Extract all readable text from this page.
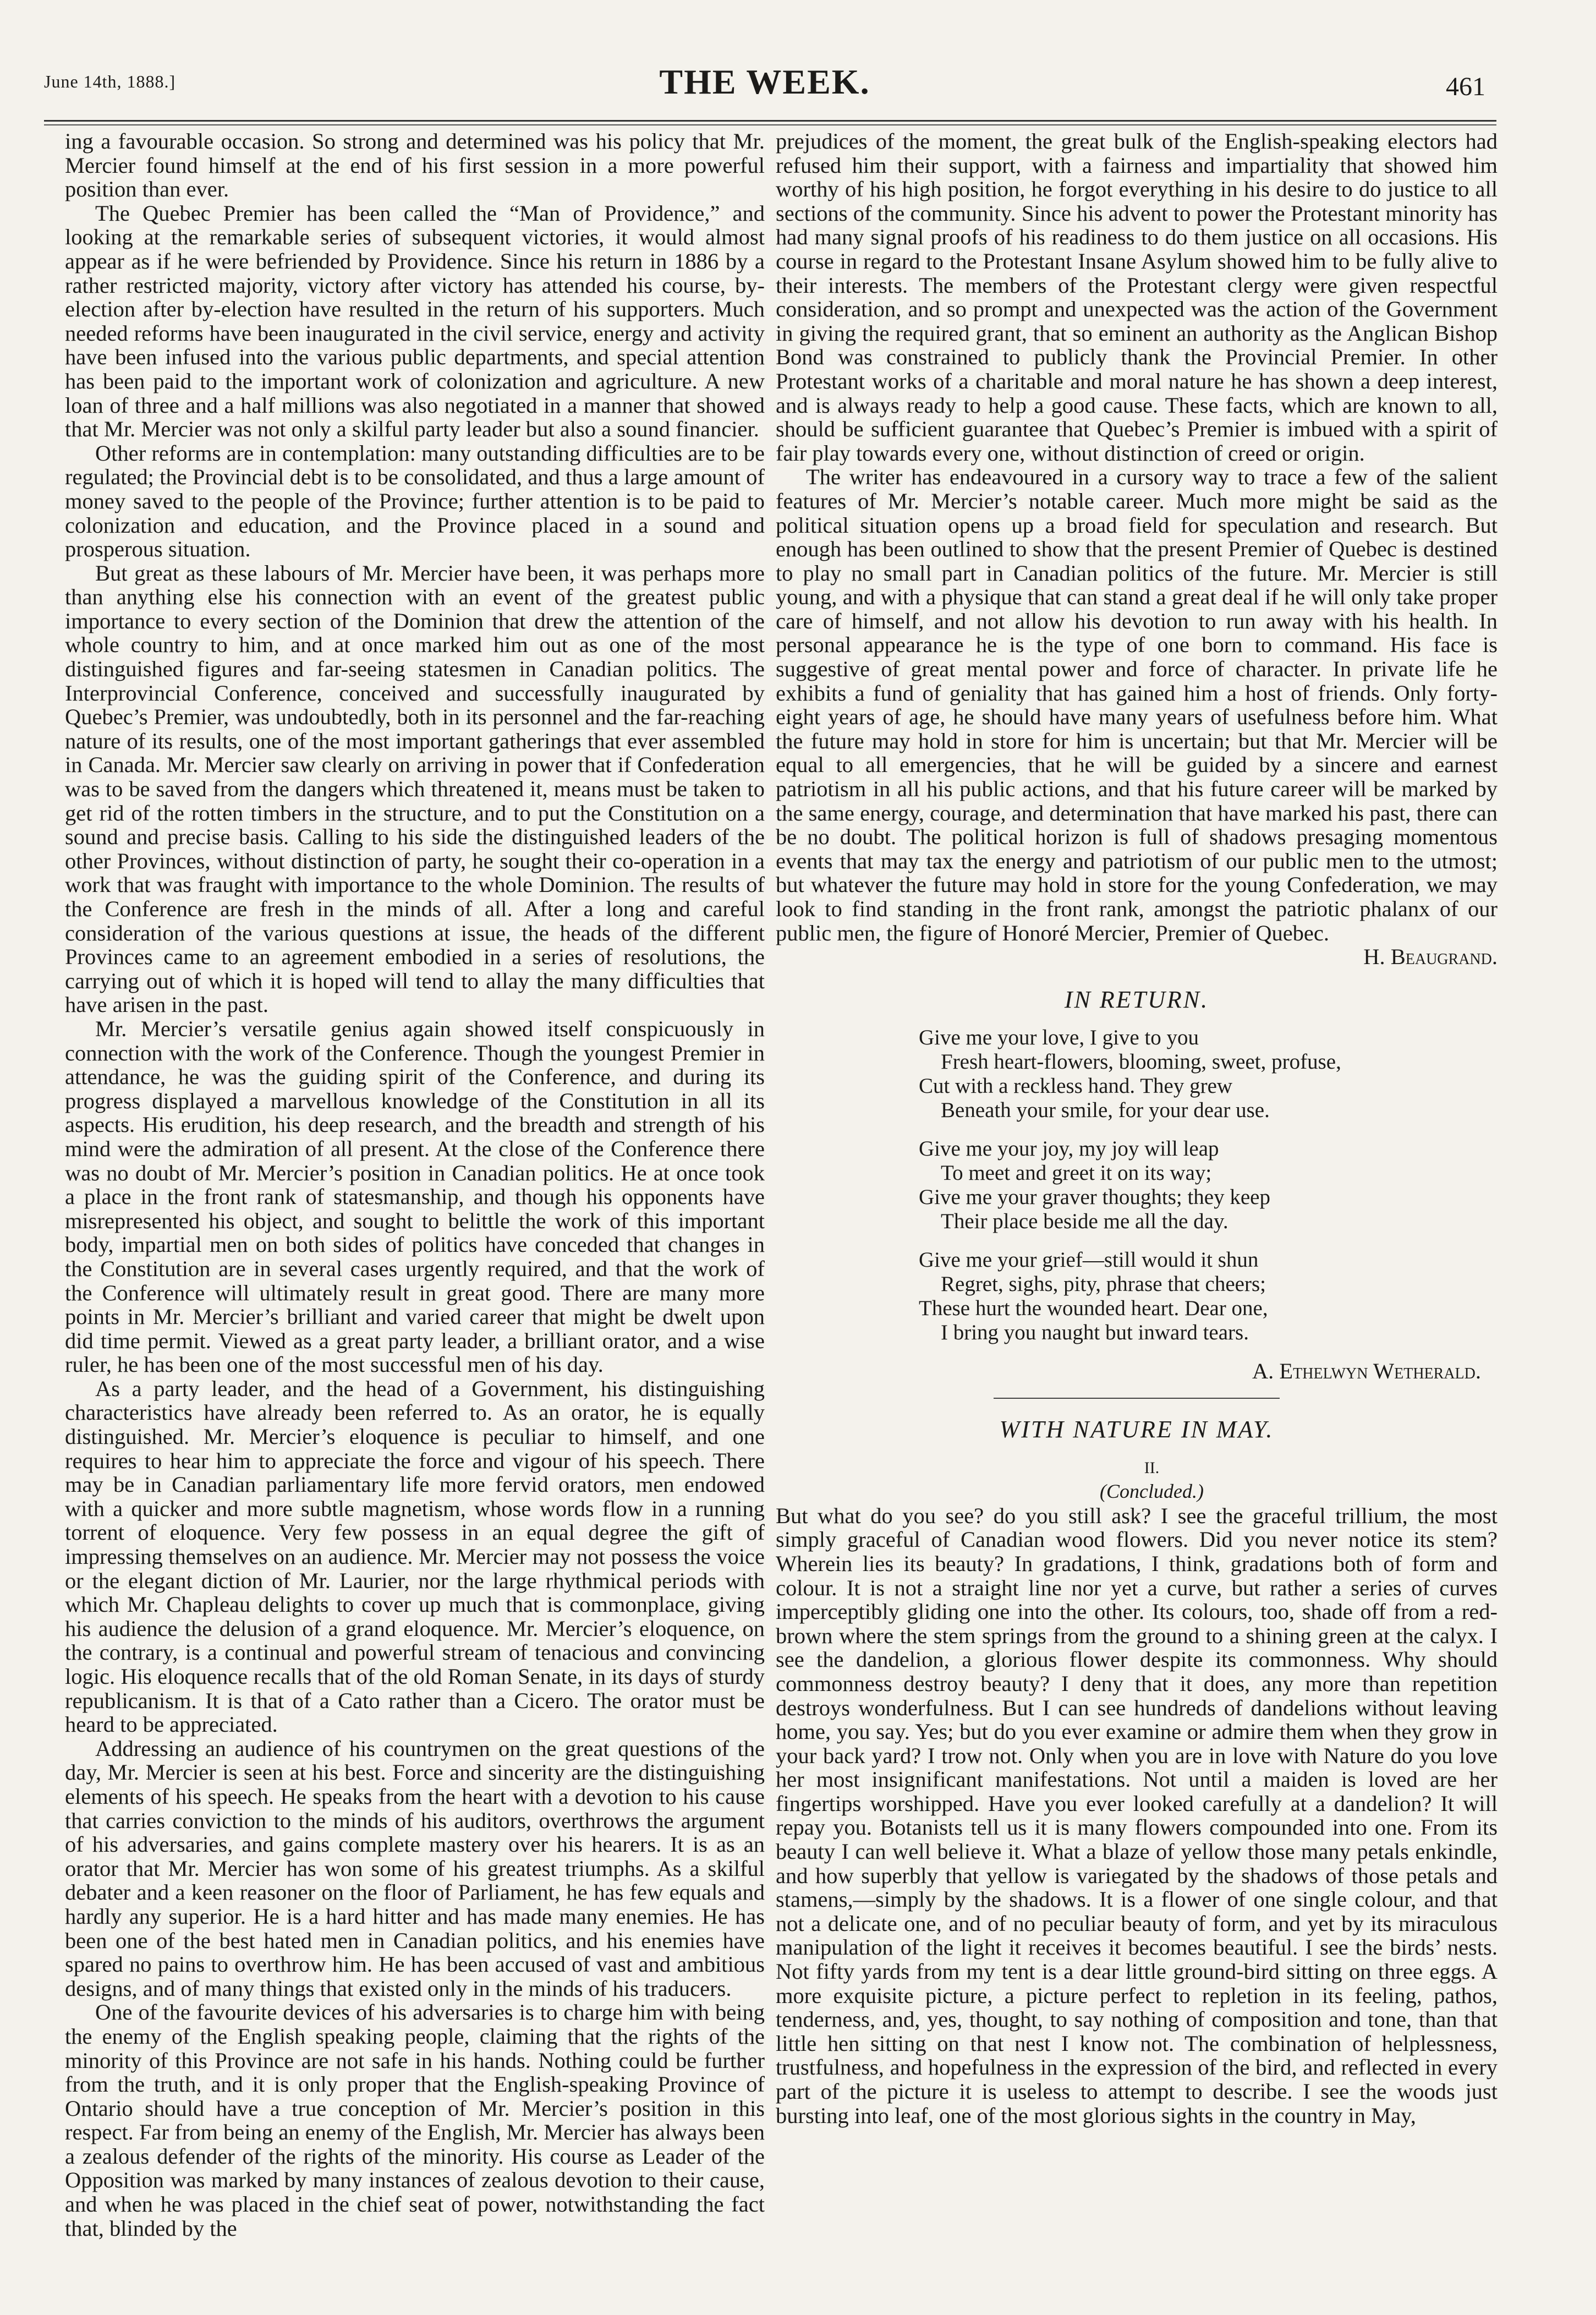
June 14th, 1888.]	THE WEEK.	461

ing a favourable occasion. So strong and determined was his policy that Mr. Mercier found himself at the end of his first session in a more powerful position than ever.

The Quebec Premier has been called the “Man of Providence,” and looking at the remarkable series of subsequent victories, it would almost appear as if he were befriended by Providence. Since his return in 1886 by a rather restricted majority, victory after victory has attended his course, by-election after by-election have resulted in the return of his supporters. Much needed reforms have been inaugurated in the civil service, energy and activity have been infused into the various public departments, and special attention has been paid to the important work of colonization and agriculture. A new loan of three and a half millions was also negotiated in a manner that showed that Mr. Mercier was not only a skilful party leader but also a sound financier.

Other reforms are in contemplation: many outstanding difficulties are to be regulated; the Provincial debt is to be consolidated, and thus a large amount of money saved to the people of the Province; further attention is to be paid to colonization and education, and the Province placed in a sound and prosperous situation.

But great as these labours of Mr. Mercier have been, it was perhaps more than anything else his connection with an event of the greatest public importance to every section of the Dominion that drew the attention of the whole country to him, and at once marked him out as one of the most distinguished figures and far-seeing statesmen in Canadian politics. The Interprovincial Conference, conceived and successfully inaugurated by Quebec’s Premier, was undoubtedly, both in its personnel and the far-reaching nature of its results, one of the most important gatherings that ever assembled in Canada. Mr. Mercier saw clearly on arriving in power that if Confederation was to be saved from the dangers which threatened it, means must be taken to get rid of the rotten timbers in the structure, and to put the Constitution on a sound and precise basis. Calling to his side the distinguished leaders of the other Provinces, without distinction of party, he sought their co-operation in a work that was fraught with importance to the whole Dominion. The results of the Conference are fresh in the minds of all. After a long and careful consideration of the various questions at issue, the heads of the different Provinces came to an agreement embodied in a series of resolutions, the carrying out of which it is hoped will tend to allay the many difficulties that have arisen in the past.

Mr. Mercier’s versatile genius again showed itself conspicuously in connection with the work of the Conference. Though the youngest Premier in attendance, he was the guiding spirit of the Conference, and during its progress displayed a marvellous knowledge of the Constitution in all its aspects. His erudition, his deep research, and the breadth and strength of his mind were the admiration of all present. At the close of the Conference there was no doubt of Mr. Mercier’s position in Canadian politics. He at once took a place in the front rank of statesmanship, and though his opponents have misrepresented his object, and sought to belittle the work of this important body, impartial men on both sides of politics have conceded that changes in the Constitution are in several cases urgently required, and that the work of the Conference will ultimately result in great good. There are many more points in Mr. Mercier’s brilliant and varied career that might be dwelt upon did time permit. Viewed as a great party leader, a brilliant orator, and a wise ruler, he has been one of the most successful men of his day.

As a party leader, and the head of a Government, his distinguishing characteristics have already been referred to. As an orator, he is equally distinguished. Mr. Mercier’s eloquence is peculiar to himself, and one requires to hear him to appreciate the force and vigour of his speech. There may be in Canadian parliamentary life more fervid orators, men endowed with a quicker and more subtle magnetism, whose words flow in a running torrent of eloquence. Very few possess in an equal degree the gift of impressing themselves on an audience. Mr. Mercier may not possess the voice or the elegant diction of Mr. Laurier, nor the large rhythmical periods with which Mr. Chapleau delights to cover up much that is commonplace, giving his audience the delusion of a grand eloquence. Mr. Mercier’s eloquence, on the contrary, is a continual and powerful stream of tenacious and convincing logic. His eloquence recalls that of the old Roman Senate, in its days of sturdy republicanism. It is that of a Cato rather than a Cicero. The orator must be heard to be appreciated.

Addressing an audience of his countrymen on the great questions of the day, Mr. Mercier is seen at his best. Force and sincerity are the distinguishing elements of his speech. He speaks from the heart with a devotion to his cause that carries conviction to the minds of his auditors, overthrows the argument of his adversaries, and gains complete mastery over his hearers. It is as an orator that Mr. Mercier has won some of his greatest triumphs. As a skilful debater and a keen reasoner on the floor of Parliament, he has few equals and hardly any superior. He is a hard hitter and has made many enemies. He has been one of the best hated men in Canadian politics, and his enemies have spared no pains to overthrow him. He has been accused of vast and ambitious designs, and of many things that existed only in the minds of his traducers.

One of the favourite devices of his adversaries is to charge him with being the enemy of the English speaking people, claiming that the rights of the minority of this Province are not safe in his hands. Nothing could be further from the truth, and it is only proper that the English-speaking Province of Ontario should have a true conception of Mr. Mercier’s position in this respect. Far from being an enemy of the English, Mr. Mercier has always been a zealous defender of the rights of the minority. His course as Leader of the Opposition was marked by many instances of zealous devotion to their cause, and when he was placed in the chief seat of power, notwithstanding the fact that, blinded by the

prejudices of the moment, the great bulk of the English-speaking electors had refused him their support, with a fairness and impartiality that showed him worthy of his high position, he forgot everything in his desire to do justice to all sections of the community. Since his advent to power the Protestant minority has had many signal proofs of his readiness to do them justice on all occasions. His course in regard to the Protestant Insane Asylum showed him to be fully alive to their interests. The members of the Protestant clergy were given respectful consideration, and so prompt and unexpected was the action of the Government in giving the required grant, that so eminent an authority as the Anglican Bishop Bond was constrained to publicly thank the Provincial Premier. In other Protestant works of a charitable and moral nature he has shown a deep interest, and is always ready to help a good cause. These facts, which are known to all, should be sufficient guarantee that Quebec’s Premier is imbued with a spirit of fair play towards every one, without distinction of creed or origin.

The writer has endeavoured in a cursory way to trace a few of the salient features of Mr. Mercier’s notable career. Much more might be said as the political situation opens up a broad field for speculation and research. But enough has been outlined to show that the present Premier of Quebec is destined to play no small part in Canadian politics of the future. Mr. Mercier is still young, and with a physique that can stand a great deal if he will only take proper care of himself, and not allow his devotion to run away with his health. In personal appearance he is the type of one born to command. His face is suggestive of great mental power and force of character. In private life he exhibits a fund of geniality that has gained him a host of friends. Only forty-eight years of age, he should have many years of usefulness before him. What the future may hold in store for him is uncertain; but that Mr. Mercier will be equal to all emergencies, that he will be guided by a sincere and earnest patriotism in all his public actions, and that his future career will be marked by the same energy, courage, and determination that have marked his past, there can be no doubt. The political horizon is full of shadows presaging momentous events that may tax the energy and patriotism of our public men to the utmost; but whatever the future may hold in store for the young Confederation, we may look to find standing in the front rank, amongst the patriotic phalanx of our public men, the figure of Honoré Mercier, Premier of Quebec.

H. Beaugrand.

IN RETURN.
Give me your love, I give to you
Fresh heart-flowers, blooming, sweet, profuse,
Cut with a reckless hand. They grew
Beneath your smile, for your dear use.
Give me your joy, my joy will leap
To meet and greet it on its way;
Give me your graver thoughts; they keep
Their place beside me all the day.
Give me your grief—still would it shun
Regret, sighs, pity, phrase that cheers;
These hurt the wounded heart. Dear one,
I bring you naught but inward tears.
A. Ethelwyn Wetherald.
WITH NATURE IN MAY.

II.

(Concluded.)

But what do you see? do you still ask? I see the graceful trillium, the most simply graceful of Canadian wood flowers. Did you never notice its stem? Wherein lies its beauty? In gradations, I think, gradations both of form and colour. It is not a straight line nor yet a curve, but rather a series of curves imperceptibly gliding one into the other. Its colours, too, shade off from a red-brown where the stem springs from the ground to a shining green at the calyx. I see the dandelion, a glorious flower despite its commonness. Why should commonness destroy beauty? I deny that it does, any more than repetition destroys wonderfulness. But I can see hundreds of dandelions without leaving home, you say. Yes; but do you ever examine or admire them when they grow in your back yard? I trow not. Only when you are in love with Nature do you love her most insignificant manifestations. Not until a maiden is loved are her fingertips worshipped. Have you ever looked carefully at a dandelion? It will repay you. Botanists tell us it is many flowers compounded into one. From its beauty I can well believe it. What a blaze of yellow those many petals enkindle, and how superbly that yellow is variegated by the shadows of those petals and stamens,—simply by the shadows. It is a flower of one single colour, and that not a delicate one, and of no peculiar beauty of form, and yet by its miraculous manipulation of the light it receives it becomes beautiful. I see the birds’ nests. Not fifty yards from my tent is a dear little ground-bird sitting on three eggs. A more exquisite picture, a picture perfect to repletion in its feeling, pathos, tenderness, and, yes, thought, to say nothing of composition and tone, than that little hen sitting on that nest I know not. The combination of helplessness, trustfulness, and hopefulness in the expression of the bird, and reflected in every part of the picture it is useless to attempt to describe. I see the woods just bursting into leaf, one of the most glorious sights in the country in May,
